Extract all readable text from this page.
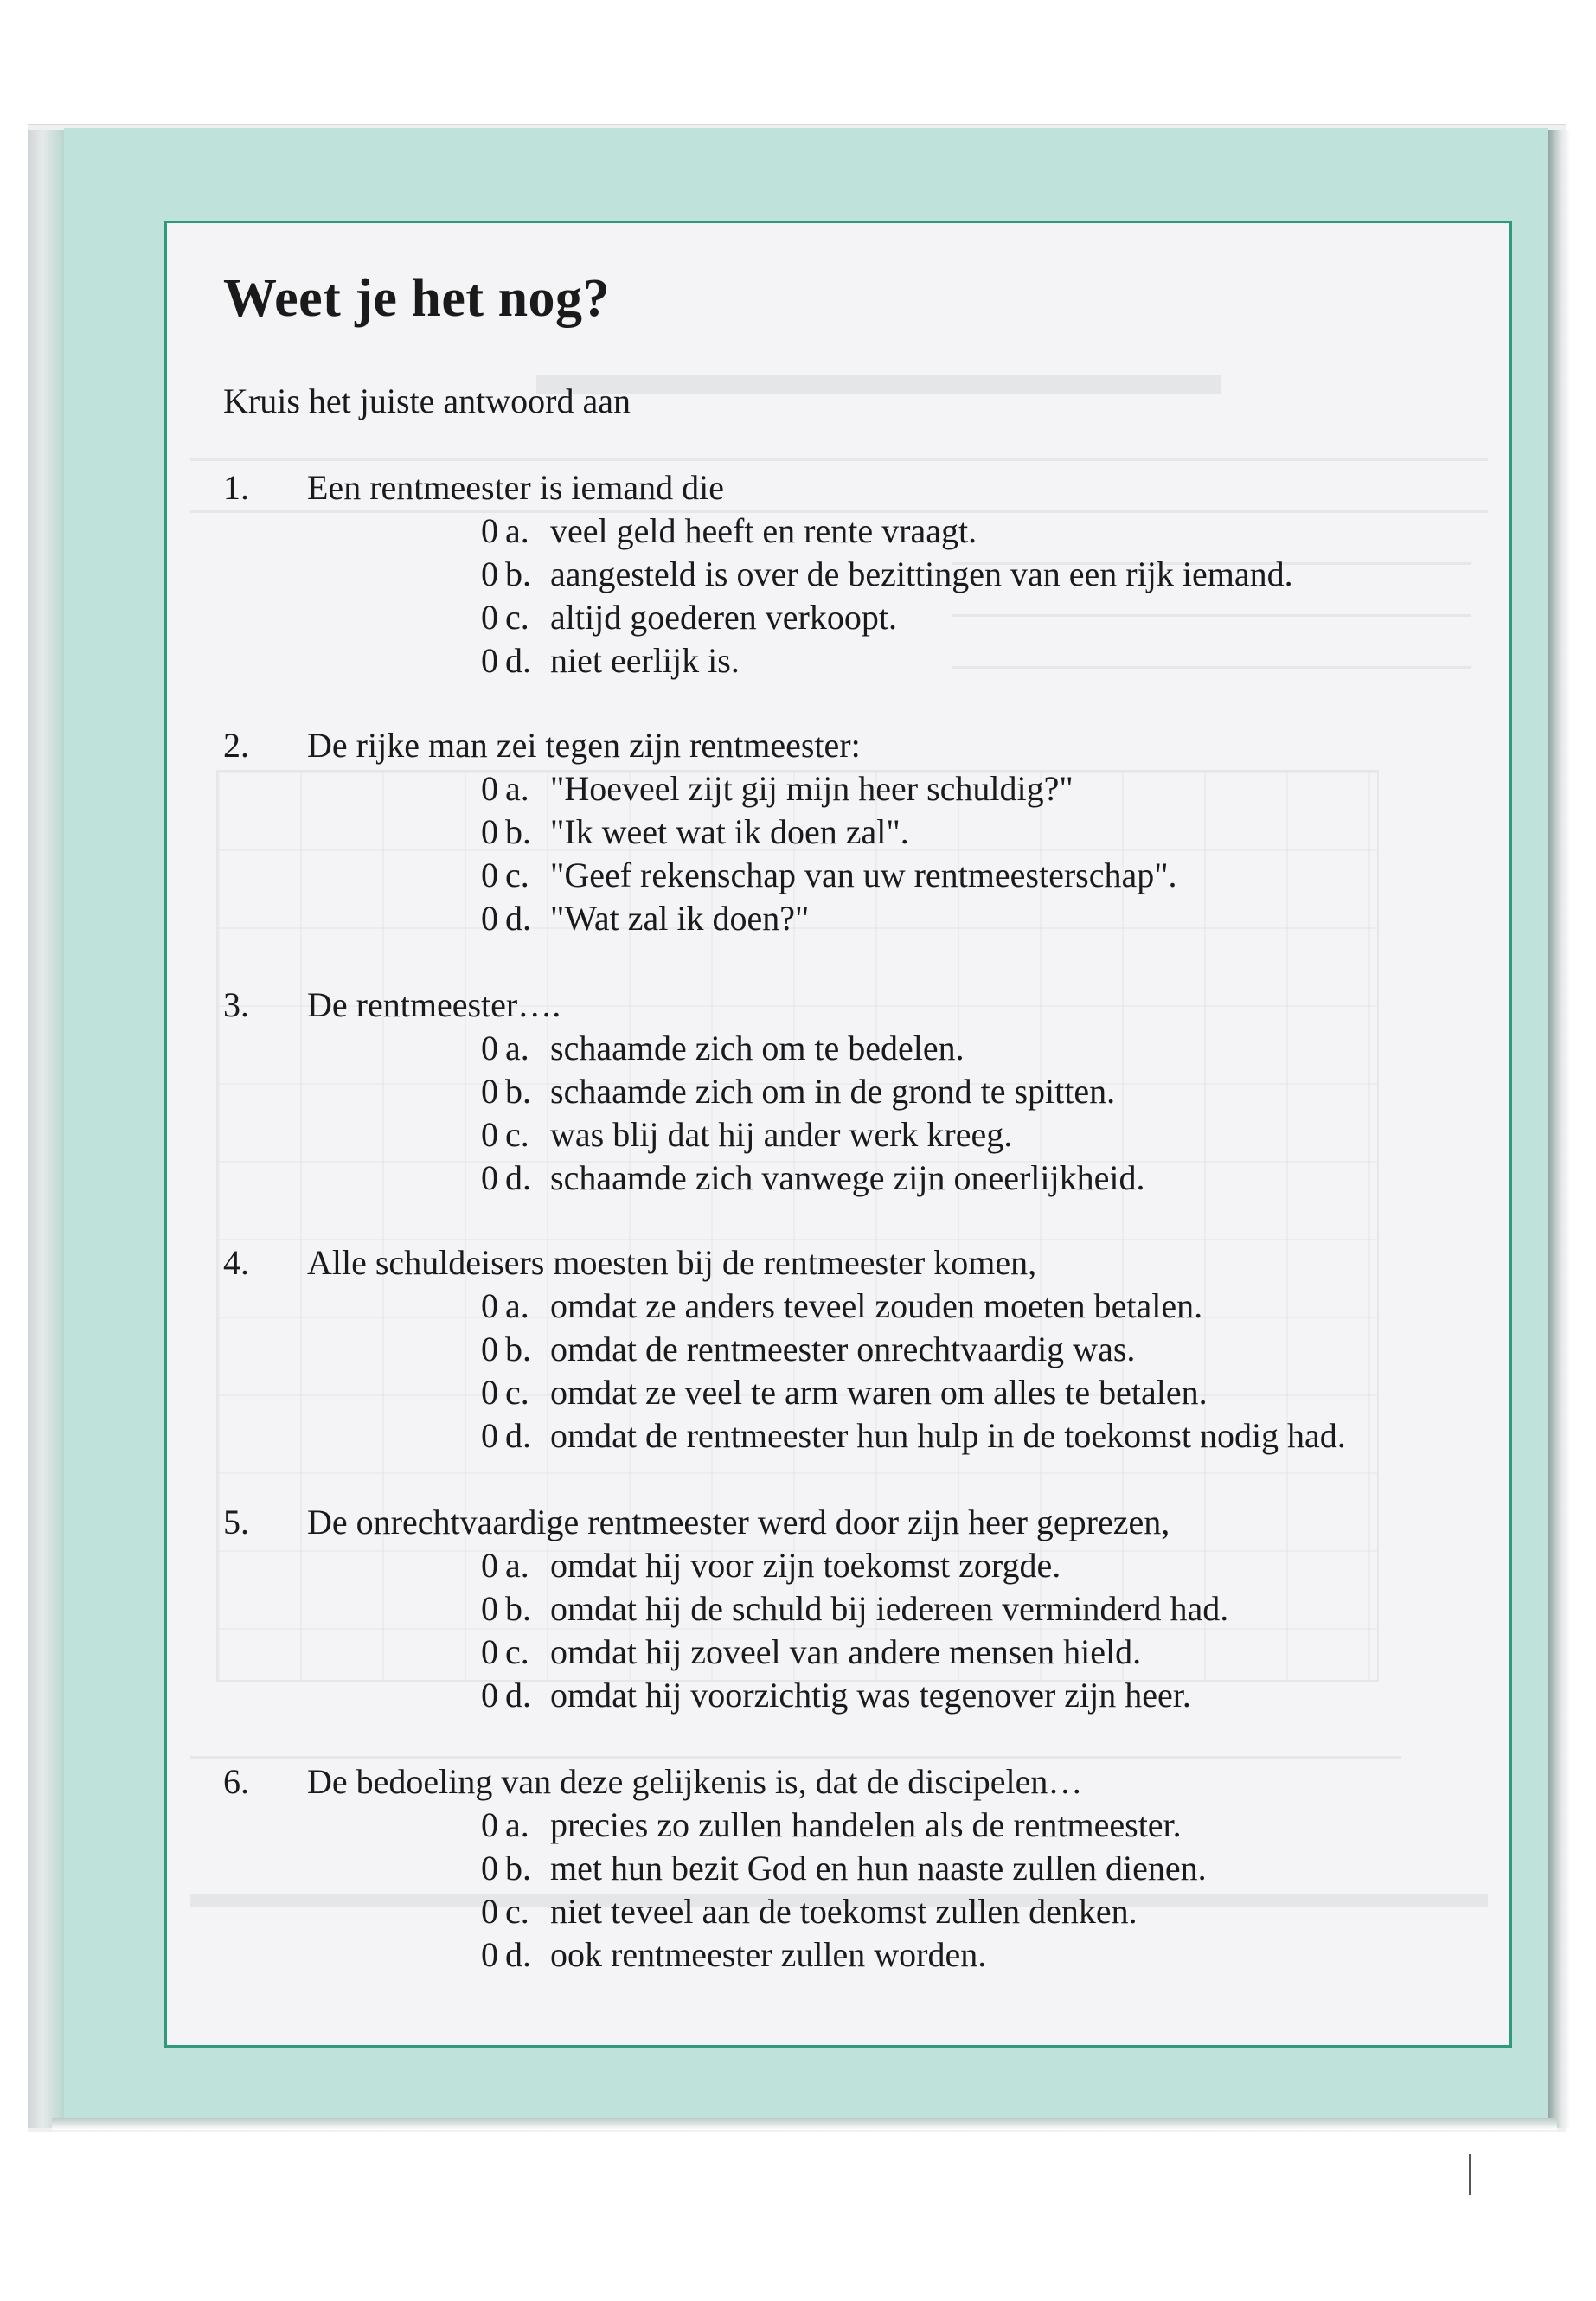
Weet je het nog?
Kruis het juiste antwoord aan
1. Een rentmeester is iemand die
0 a. veel geld heeft en rente vraagt.
0 b. aangesteld is over de bezittingen van een rijk iemand.
0 c. altijd goederen verkoopt.
0 d. niet eerlijk is.
2. De rijke man zei tegen zijn rentmeester:
0 a. "Hoeveel zijt gij mijn heer schuldig?"
0 b. "Ik weet wat ik doen zal".
0 c. "Geef rekenschap van uw rentmeesterschap".
0 d. "Wat zal ik doen?"
3. De rentmeester….
0 a. schaamde zich om te bedelen.
0 b. schaamde zich om in de grond te spitten.
0 c. was blij dat hij ander werk kreeg.
0 d. schaamde zich vanwege zijn oneerlijkheid.
4. Alle schuldeisers moesten bij de rentmeester komen,
0 a. omdat ze anders teveel zouden moeten betalen.
0 b. omdat de rentmeester onrechtvaardig was.
0 c. omdat ze veel te arm waren om alles te betalen.
0 d. omdat de rentmeester hun hulp in de toekomst nodig had.
5. De onrechtvaardige rentmeester werd door zijn heer geprezen,
0 a. omdat hij voor zijn toekomst zorgde.
0 b. omdat hij de schuld bij iedereen verminderd had.
0 c. omdat hij zoveel van andere mensen hield.
0 d. omdat hij voorzichtig was tegenover zijn heer.
6. De bedoeling van deze gelijkenis is, dat de discipelen…
0 a. precies zo zullen handelen als de rentmeester.
0 b. met hun bezit God en hun naaste zullen dienen.
0 c. niet teveel aan de toekomst zullen denken.
0 d. ook rentmeester zullen worden.
